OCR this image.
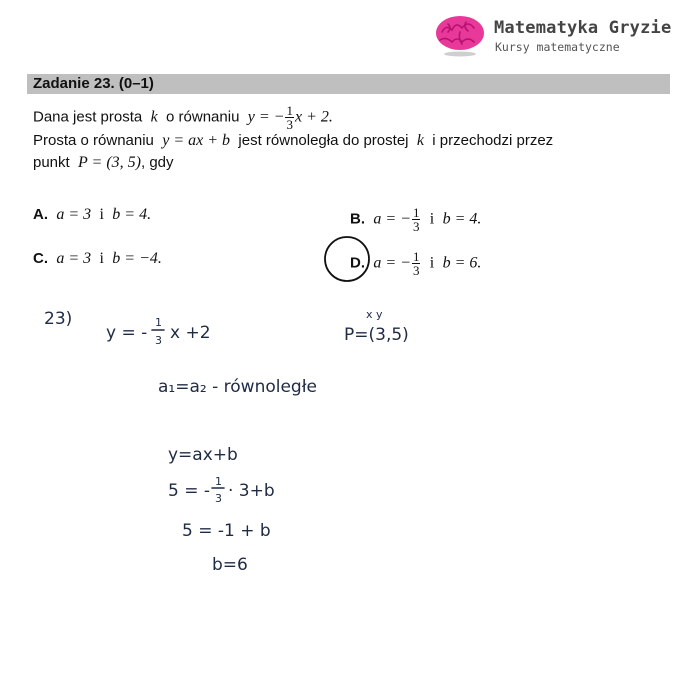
Matematyka Gryzie
Kursy matematyczne
Zadanie 23. (0–1)
Dana jest prosta k o równaniu y = − $\frac{1}{3}$ x + 2.
Prosta o równaniu y = ax + b jest równoległa do prostej k i przechodzi przez
punkt P = (3, 5), gdy
A. a = 3 i b = 4.	B. a = − $\frac{1}{3}$ i b = 4.
C. a = 3 i b = −4.	D. a = − $\frac{1}{3}$ i b = 6.
23)
y = -
1
3 x +2
x y
P=(3,5)
a₁=a₂ - równoległe
y=ax+b
5 = - 1
3 · 3+b
5 = -1 + b
b=6
